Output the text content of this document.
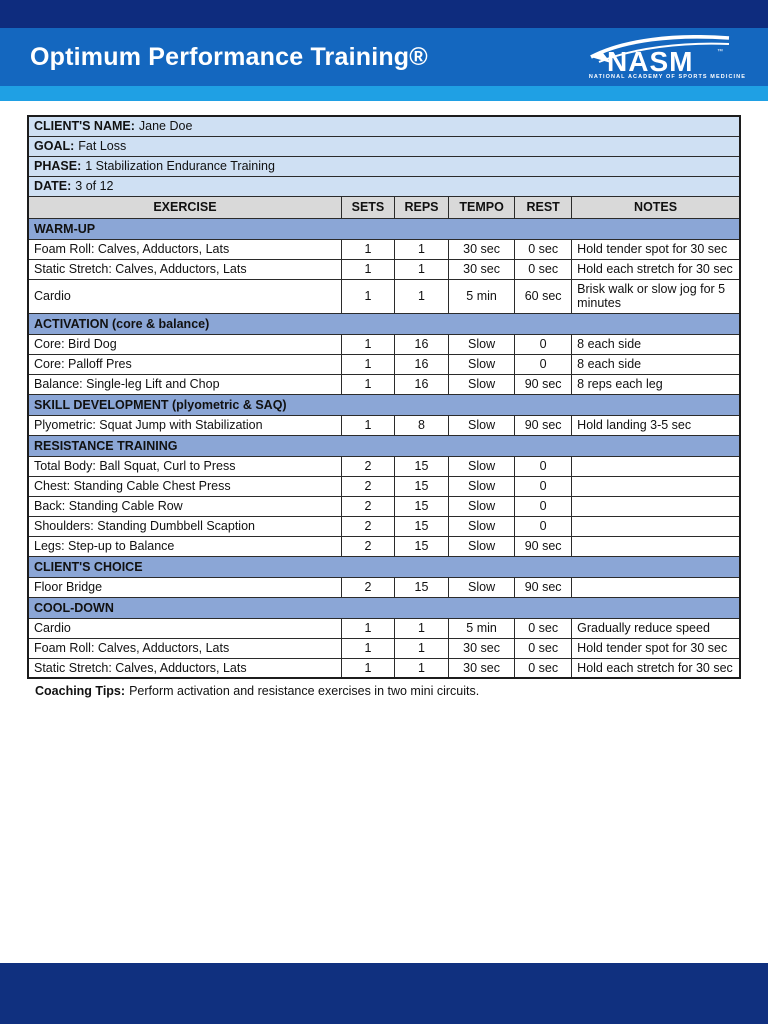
Optimum Performance Training®	NASM	™
NATIONAL ACADEMY OF SPORTS MEDICINE
CLIENT'S NAME: Jane Doe					
GOAL: Fat Loss					
PHASE: 1 Stabilization Endurance Training					
DATE: 3 of 12					
EXERCISE	SETS	REPS	TEMPO	REST	NOTES
WARM-UP					
Foam Roll: Calves, Adductors, Lats	1	1	30 sec	0 sec	Hold tender spot for 30 sec
Static Stretch: Calves, Adductors, Lats	1	1	30 sec	0 sec	Hold each stretch for 30 sec
Cardio	1	1	5 min	60 sec	Brisk walk or slow jog for 5 minutes
ACTIVATION (core & balance)					
Core: Bird Dog	1	16	Slow	0	8 each side
Core: Palloff Pres	1	16	Slow	0	8 each side
Balance: Single-leg Lift and Chop	1	16	Slow	90 sec	8 reps each leg
SKILL DEVELOPMENT (plyometric & SAQ)					
Plyometric: Squat Jump with Stabilization	1	8	Slow	90 sec	Hold landing 3-5 sec
RESISTANCE TRAINING					
Total Body: Ball Squat, Curl to Press	2	15	Slow	0	
Chest: Standing Cable Chest Press	2	15	Slow	0	
Back: Standing Cable Row	2	15	Slow	0	
Shoulders: Standing Dumbbell Scaption	2	15	Slow	0	
Legs: Step-up to Balance	2	15	Slow	90 sec	
CLIENT'S CHOICE					
Floor Bridge	2	15	Slow	90 sec	
COOL-DOWN					
Cardio	1	1	5 min	0 sec	Gradually reduce speed
Foam Roll: Calves, Adductors, Lats	1	1	30 sec	0 sec	Hold tender spot for 30 sec
Static Stretch: Calves, Adductors, Lats	1	1	30 sec	0 sec	Hold each stretch for 30 sec
Coaching Tips: Perform activation and resistance exercises in two mini circuits.
